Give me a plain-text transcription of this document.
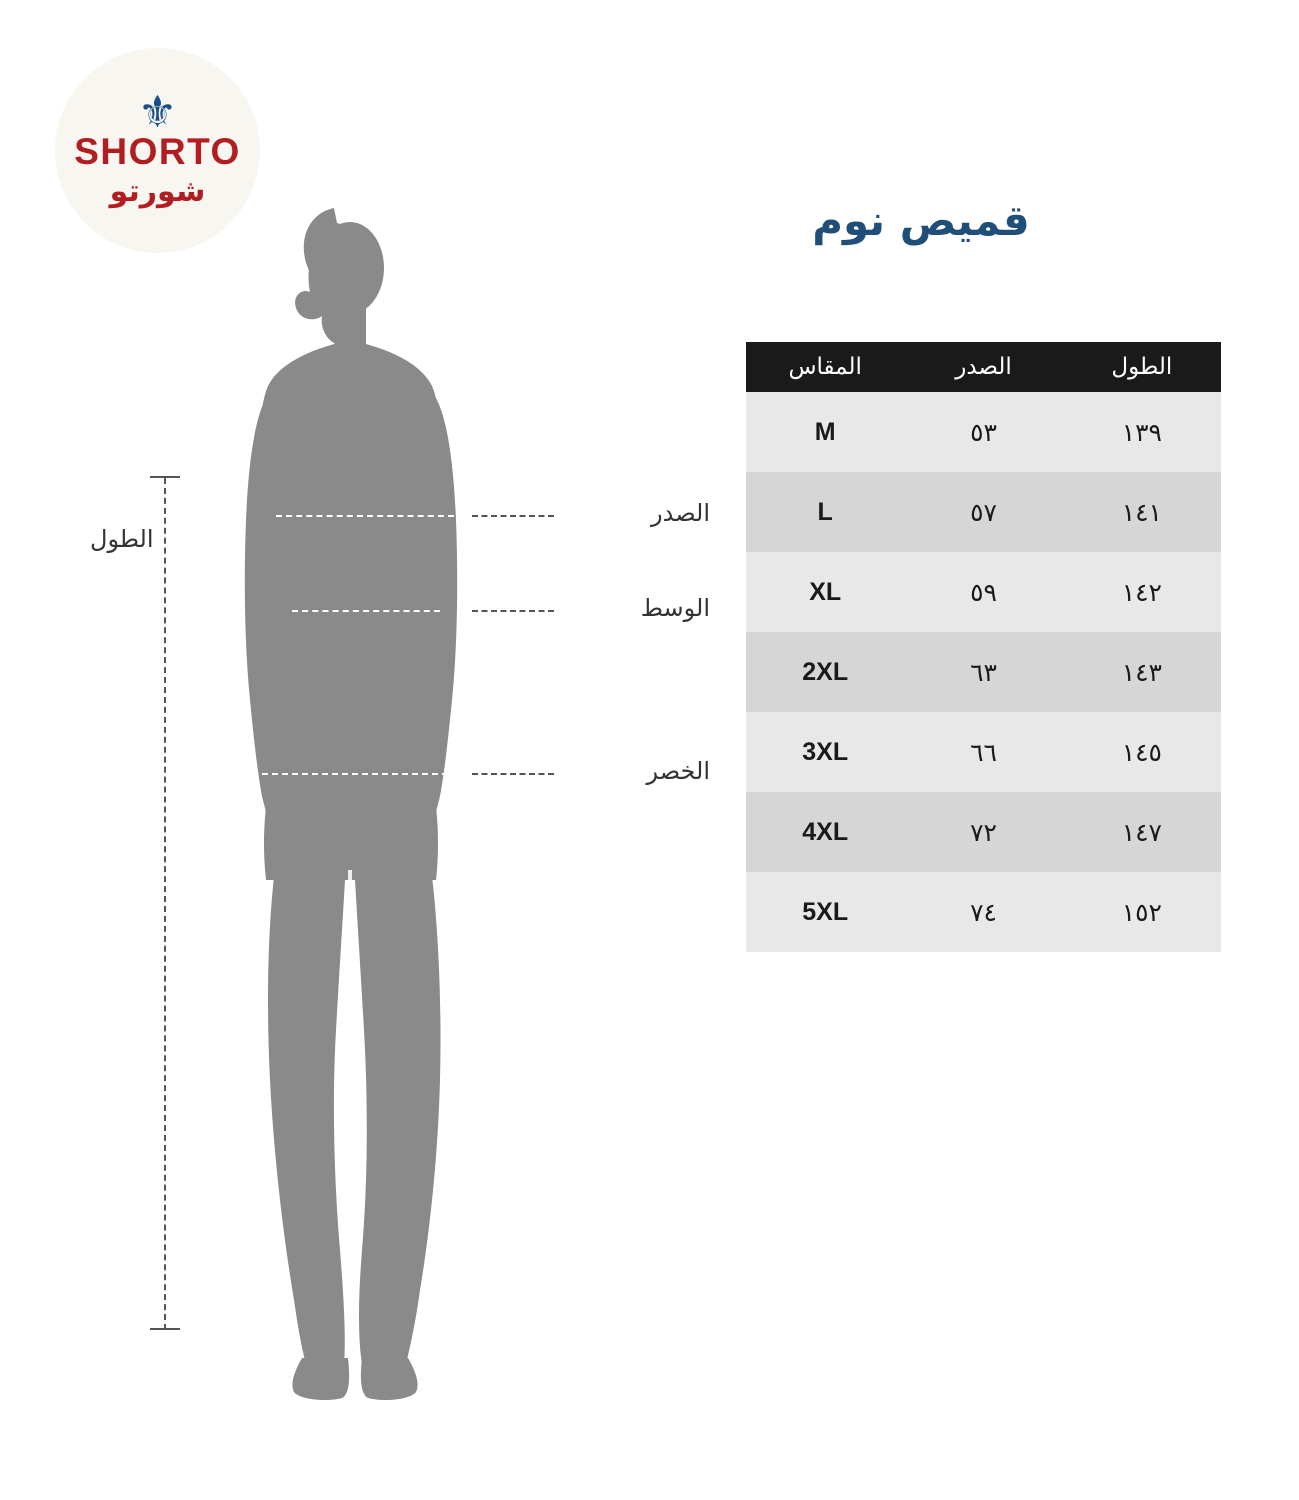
⚜
SHORTO
شورتو
قميص نوم
الصدر
الوسط
الخصر
الطول
الطول	الصدر	المقاس
١٣٩	٥٣	M
١٤١	٥٧	L
١٤٢	٥٩	XL
١٤٣	٦٣	2XL
١٤٥	٦٦	3XL
١٤٧	٧٢	4XL
١٥٢	٧٤	5XL
